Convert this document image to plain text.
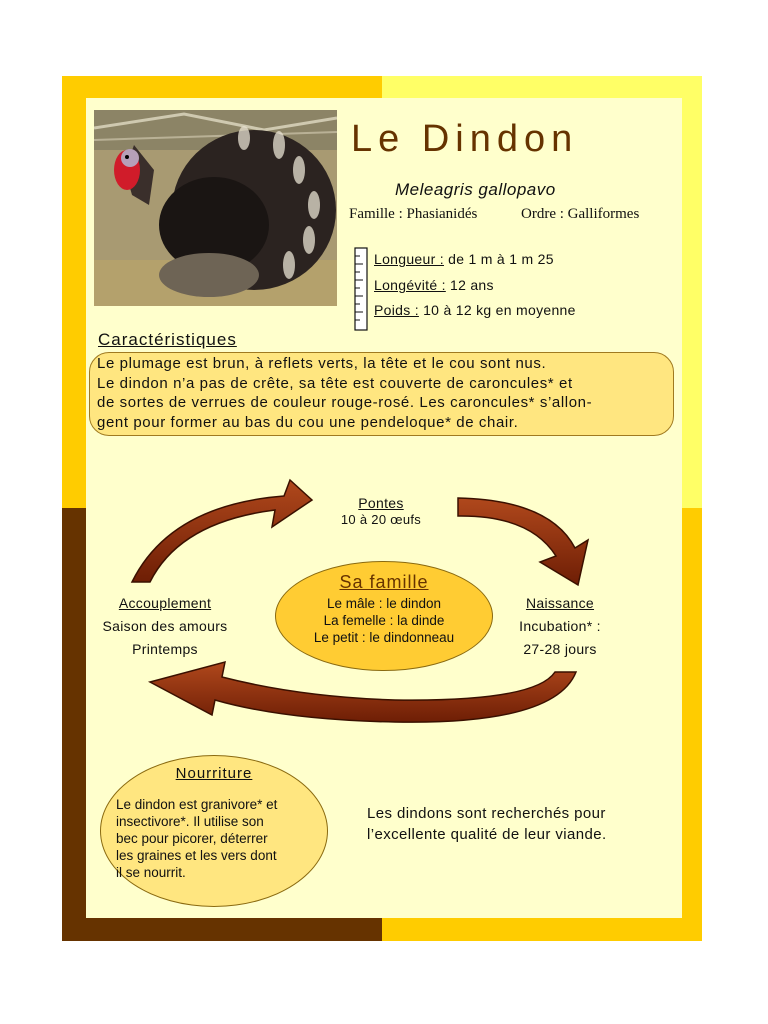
Le Dindon
Meleagris gallopavo
Famille : Phasianidés	Ordre : Galliformes
Longueur : de 1 m à 1 m 25
Longévité : 12 ans
Poids : 10 à 12 kg en moyenne
Caractéristiques
Le plumage est brun, à reflets verts, la tête et le cou sont nus.
Le dindon n’a pas de crête, sa tête est couverte de caroncules* et
de sortes de verrues de couleur rouge-rosé. Les caroncules* s’allon-
gent pour former au bas du cou une pendeloque* de chair.
Pontes
10 à 20 œufs
Accouplement
Saison des amours
Printemps
Naissance
Incubation* :
27-28 jours
Sa famille
Le mâle : le dindon
La femelle : la dinde
Le petit : le dindonneau
Nourriture
Le dindon est granivore* et
insectivore*. Il utilise son
bec pour picorer, déterrer
les graines et les vers dont
il se nourrit.
Les dindons sont recherchés pour
l’excellente qualité de leur viande.
